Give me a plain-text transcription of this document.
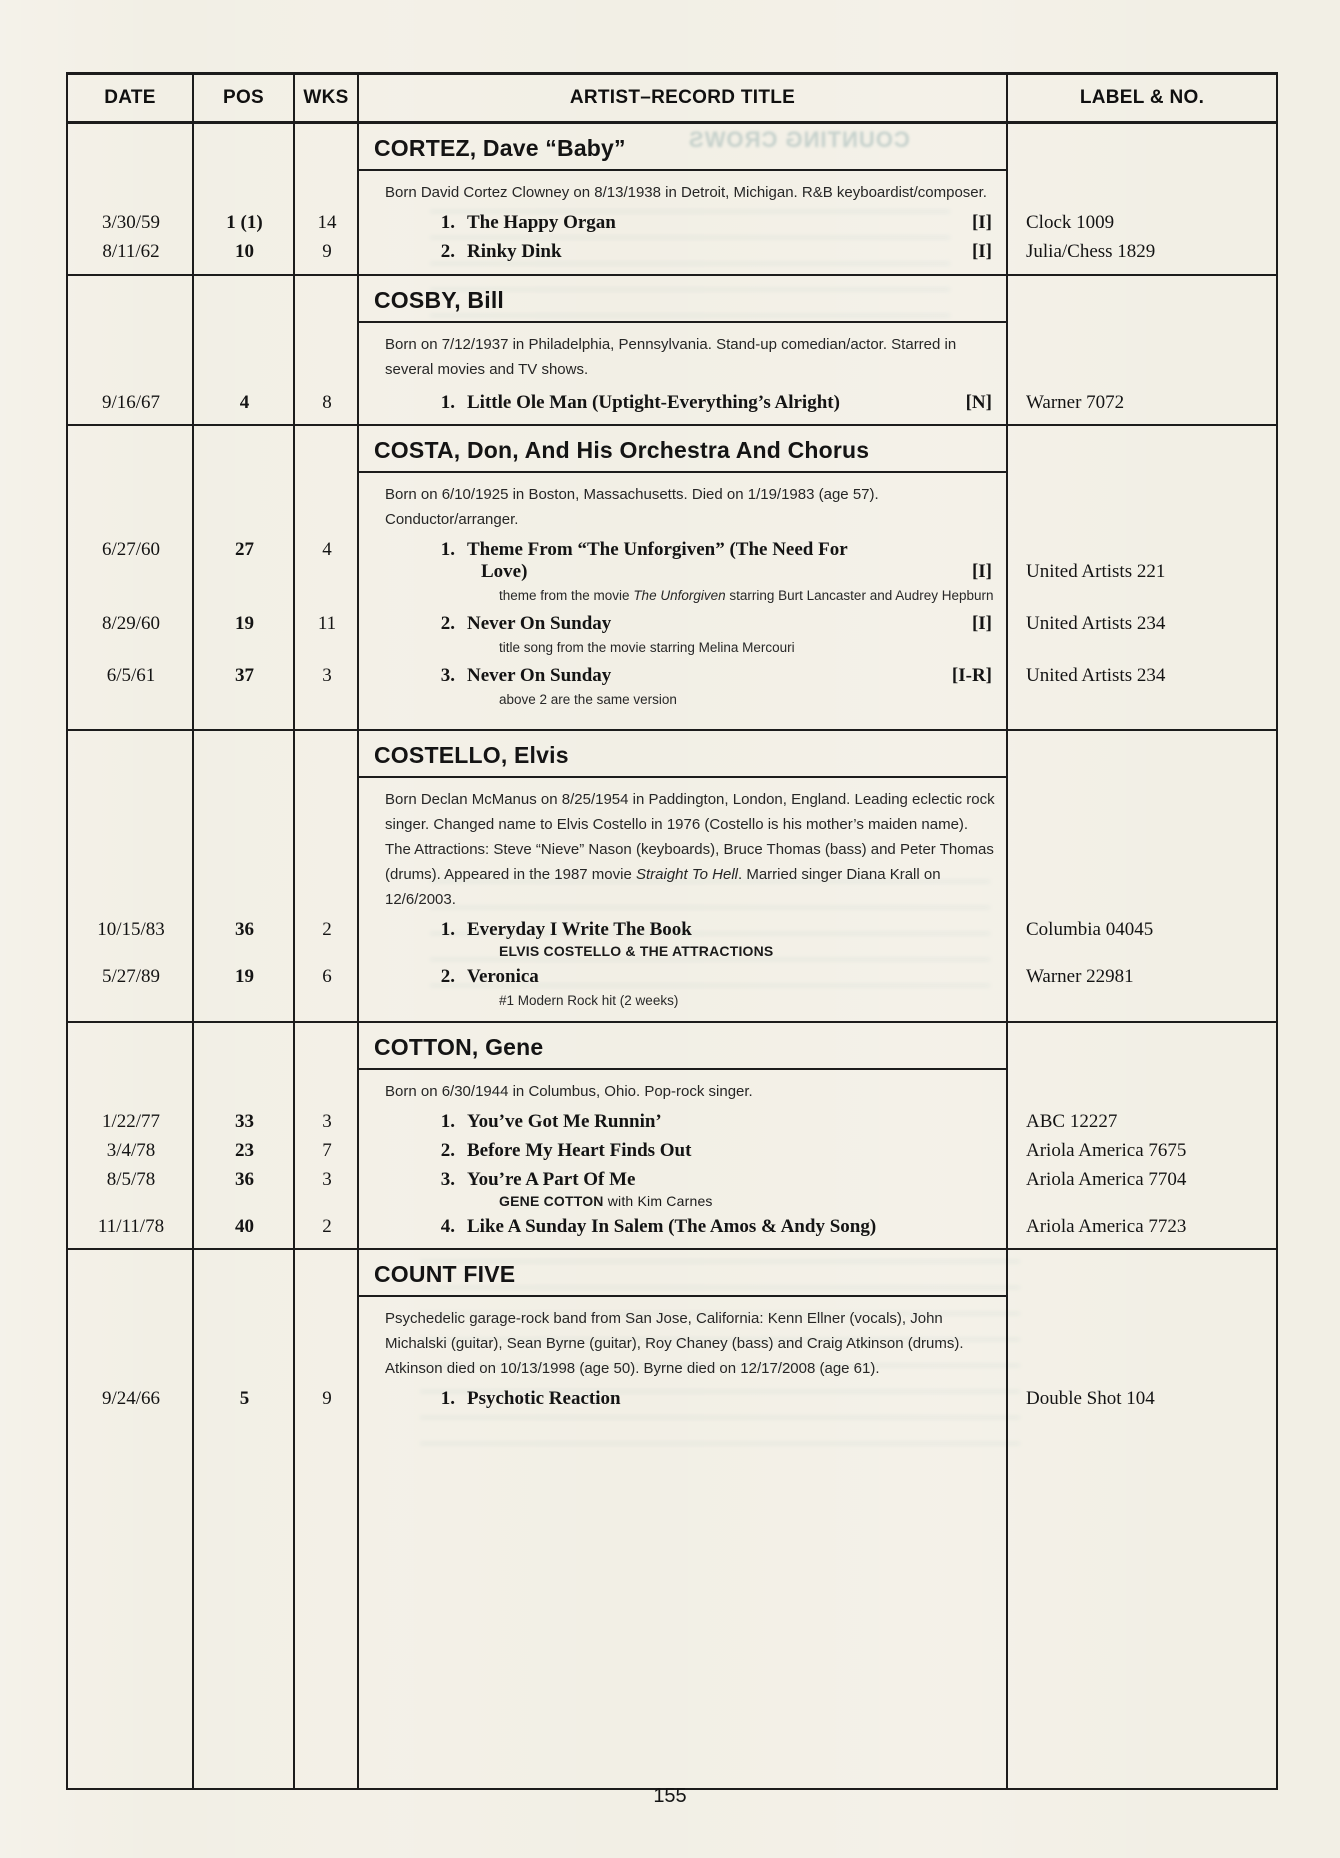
COUNTING CROWS
DATE	POS	WKS	ARTIST–RECORD TITLE	LABEL & NO.
CORTEZ, Dave “Baby”
Born David Cortez Clowney on 8/13/1938 in Detroit, Michigan. R&B keyboardist/composer.
3/30/59	1 (1)	14	1. The Happy Organ	[I]	Clock 1009
8/11/62	10	9	2. Rinky Dink	[I]	Julia/Chess 1829
COSBY, Bill
Born on 7/12/1937 in Philadelphia, Pennsylvania. Stand-up comedian/actor. Starred in several movies and TV shows.
9/16/67	4	8	1. Little Ole Man (Uptight-Everything’s Alright)	[N]	Warner 7072
COSTA, Don, And His Orchestra And Chorus
Born on 6/10/1925 in Boston, Massachusetts. Died on 1/19/1983 (age 57). Conductor/arranger.
6/27/60	27	4	1. Theme From “The Unforgiven” (The Need For
Love)	[I]	United Artists 221
theme from the movie The Unforgiven starring Burt Lancaster and Audrey Hepburn
8/29/60	19	11	2. Never On Sunday	[I]	United Artists 234
title song from the movie starring Melina Mercouri
6/5/61	37	3	3. Never On Sunday	[I-R]	United Artists 234
above 2 are the same version
COSTELLO, Elvis
Born Declan McManus on 8/25/1954 in Paddington, London, England. Leading eclectic rock singer. Changed name to Elvis Costello in 1976 (Costello is his mother’s maiden name). The Attractions: Steve “Nieve” Nason (keyboards), Bruce Thomas (bass) and Peter Thomas (drums). Appeared in the 1987 movie Straight To Hell. Married singer Diana Krall on 12/6/2003.
10/15/83	36	2	1. Everyday I Write The Book	Columbia 04045
ELVIS COSTELLO & THE ATTRACTIONS
5/27/89	19	6	2. Veronica	Warner 22981
#1 Modern Rock hit (2 weeks)
COTTON, Gene
Born on 6/30/1944 in Columbus, Ohio. Pop-rock singer.
1/22/77	33	3	1. You’ve Got Me Runnin’	ABC 12227
3/4/78	23	7	2. Before My Heart Finds Out	Ariola America 7675
8/5/78	36	3	3. You’re A Part Of Me	Ariola America 7704
GENE COTTON with Kim Carnes
11/11/78	40	2	4. Like A Sunday In Salem (The Amos & Andy Song)	Ariola America 7723
COUNT FIVE
Psychedelic garage-rock band from San Jose, California: Kenn Ellner (vocals), John Michalski (guitar), Sean Byrne (guitar), Roy Chaney (bass) and Craig Atkinson (drums). Atkinson died on 10/13/1998 (age 50). Byrne died on 12/17/2008 (age 61).
9/24/66	5	9	1. Psychotic Reaction	Double Shot 104
155
